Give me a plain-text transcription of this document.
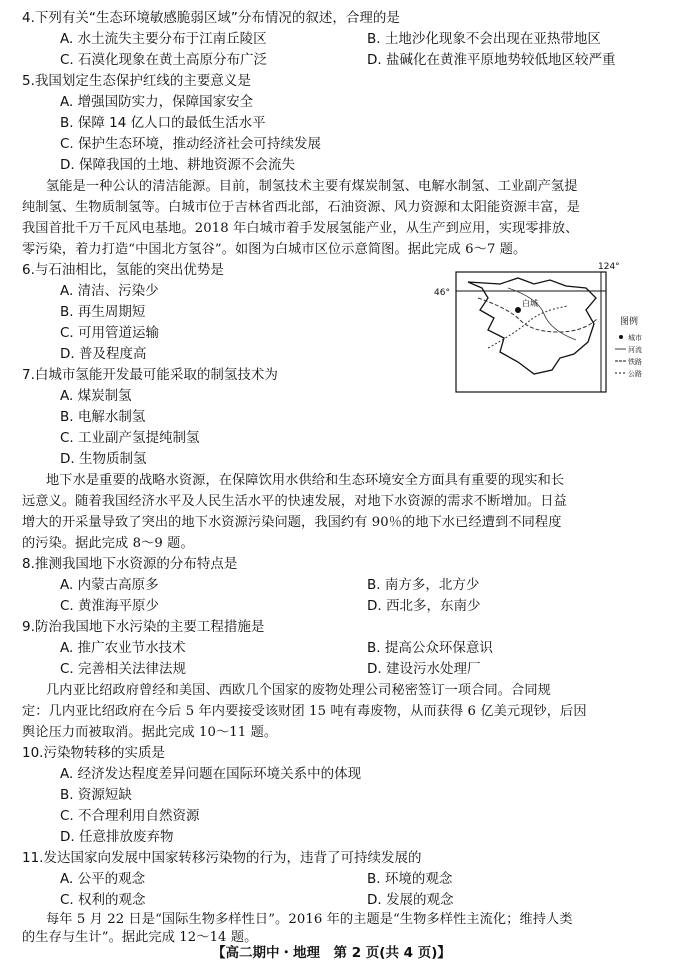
4.下列有关“生态环境敏感脆弱区域”分布情况的叙述，合理的是
A. 水土流失主要分布于江南丘陵区	B. 土地沙化现象不会出现在亚热带地区
C. 石漠化现象在黄土高原分布广泛	D. 盐碱化在黄淮平原地势较低地区较严重
5.我国划定生态保护红线的主要意义是
A. 增强国防实力，保障国家安全
B. 保障 14 亿人口的最低生活水平
C. 保护生态环境，推动经济社会可持续发展
D. 保障我国的土地、耕地资源不会流失
氢能是一种公认的清洁能源。目前，制氢技术主要有煤炭制氢、电解水制氢、工业副产氢提
纯制氢、生物质制氢等。白城市位于吉林省西北部，石油资源、风力资源和太阳能资源丰富，是
我国首批千万千瓦风电基地。2018 年白城市着手发展氢能产业，从生产到应用，实现零排放、
零污染，着力打造“中国北方氢谷”。如图为白城市区位示意简图。据此完成 6～7 题。
6.与石油相比，氢能的突出优势是
A. 清洁、污染少
B. 再生周期短
C. 可用管道运输
D. 普及程度高
7.白城市氢能开发最可能采取的制氢技术为
A. 煤炭制氢
B. 电解水制氢
C. 工业副产氢提纯制氢
D. 生物质制氢
124°
46°
白城
图例
城市
河流
铁路
公路
地下水是重要的战略水资源，在保障饮用水供给和生态环境安全方面具有重要的现实和长
远意义。随着我国经济水平及人民生活水平的快速发展，对地下水资源的需求不断增加。日益
增大的开采量导致了突出的地下水资源污染问题，我国约有 90％的地下水已经遭到不同程度
的污染。据此完成 8～9 题。
8.推测我国地下水资源的分布特点是
A. 内蒙古高原多	B. 南方多，北方少
C. 黄淮海平原少	D. 西北多，东南少
9.防治我国地下水污染的主要工程措施是
A. 推广农业节水技术	B. 提高公众环保意识
C. 完善相关法律法规	D. 建设污水处理厂
几内亚比绍政府曾经和美国、西欧几个国家的废物处理公司秘密签订一项合同。合同规
定：几内亚比绍政府在今后 5 年内要接受该财团 15 吨有毒废物，从而获得 6 亿美元现钞，后因
舆论压力而被取消。据此完成 10～11 题。
10.污染物转移的实质是
A. 经济发达程度差异问题在国际环境关系中的体现
B. 资源短缺
C. 不合理利用自然资源
D. 任意排放废弃物
11.发达国家向发展中国家转移污染物的行为，违背了可持续发展的
A. 公平的观念	B. 环境的观念
C. 权利的观念	D. 发展的观念
每年 5 月 22 日是“国际生物多样性日”。2016 年的主题是“生物多样性主流化；维持人类
的生存与生计”。据此完成 12～14 题。
【高二期中・地理　第 2 页(共 4 页)】
